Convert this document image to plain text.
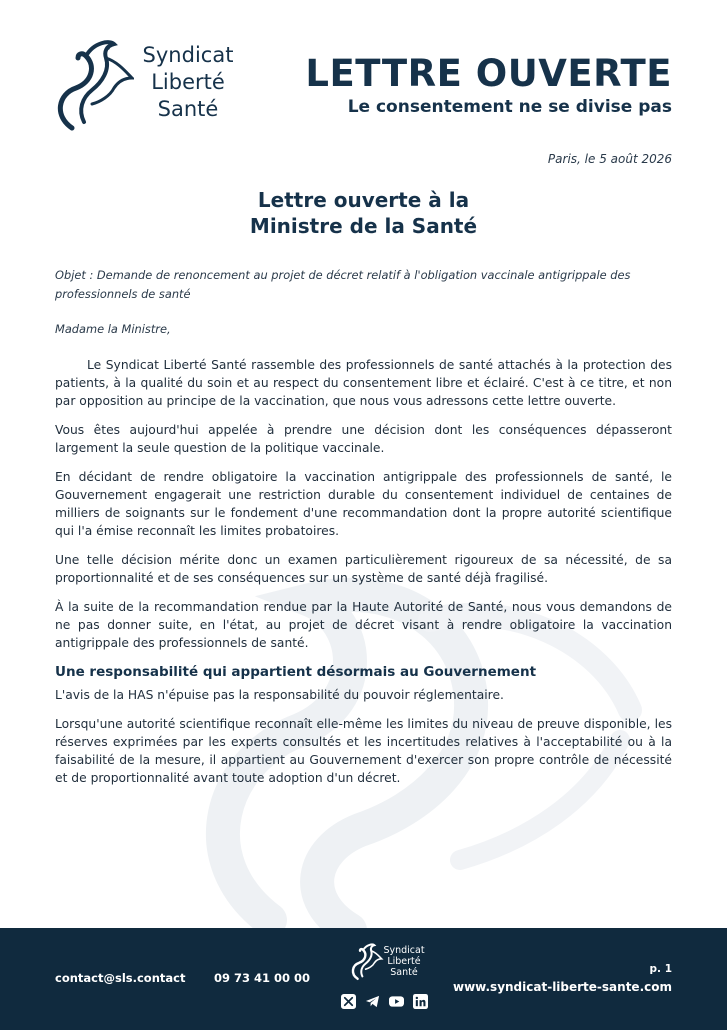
Syndicat
Liberté
Santé
LETTRE OUVERTE
Le consentement ne se divise pas
Paris, le 5 août 2026
Lettre ouverte à la
Ministre de la Santé

Objet : Demande de renoncement au projet de décret relatif à l'obligation vaccinale antigrippale des professionnels de santé

Madame la Ministre,

Le Syndicat Liberté Santé rassemble des professionnels de santé attachés à la protection des patients, à la qualité du soin et au respect du consentement libre et éclairé. C'est à ce titre, et non par opposition au principe de la vaccination, que nous vous adressons cette lettre ouverte.

Vous êtes aujourd'hui appelée à prendre une décision dont les conséquences dépasseront largement la seule question de la politique vaccinale.

En décidant de rendre obligatoire la vaccination antigrippale des professionnels de santé, le Gouvernement engagerait une restriction durable du consentement individuel de centaines de milliers de soignants sur le fondement d'une recommandation dont la propre autorité scientifique qui l'a émise reconnaît les limites probatoires.

Une telle décision mérite donc un examen particulièrement rigoureux de sa nécessité, de sa proportionnalité et de ses conséquences sur un système de santé déjà fragilisé.

À la suite de la recommandation rendue par la Haute Autorité de Santé, nous vous demandons de ne pas donner suite, en l'état, au projet de décret visant à rendre obligatoire la vaccination antigrippale des professionnels de santé.

Une responsabilité qui appartient désormais au Gouvernement

L'avis de la HAS n'épuise pas la responsabilité du pouvoir réglementaire.

Lorsqu'une autorité scientifique reconnaît elle-même les limites du niveau de preuve disponible, les réserves exprimées par les experts consultés et les incertitudes relatives à l'acceptabilité ou à la faisabilité de la mesure, il appartient au Gouvernement d'exercer son propre contrôle de nécessité et de proportionnalité avant toute adoption d'un décret.

contact@sls.contact 09 73 41 00 00
Syndicat
Liberté
Santé	p. 1
www.syndicat-liberte-sante.com
